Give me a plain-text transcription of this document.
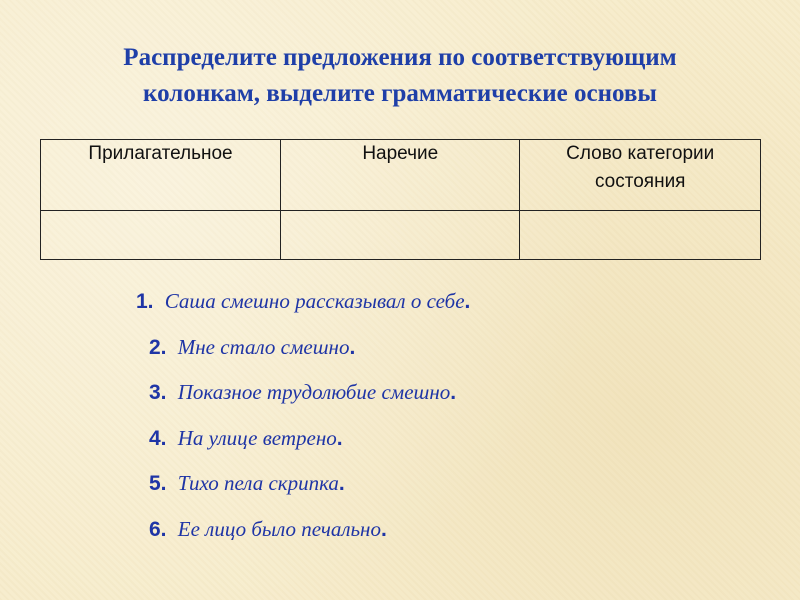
Распределите предложения по соответствующим
колонкам, выделите грамматические основы
Прилагательное	Наречие	Слово категории
состояния

1. Саша смешно рассказывал о себе.
2. Мне стало смешно.
3. Показное трудолюбие смешно.
4. На улице ветрено.
5. Тихо пела скрипка.
6. Ее лицо было печально.
